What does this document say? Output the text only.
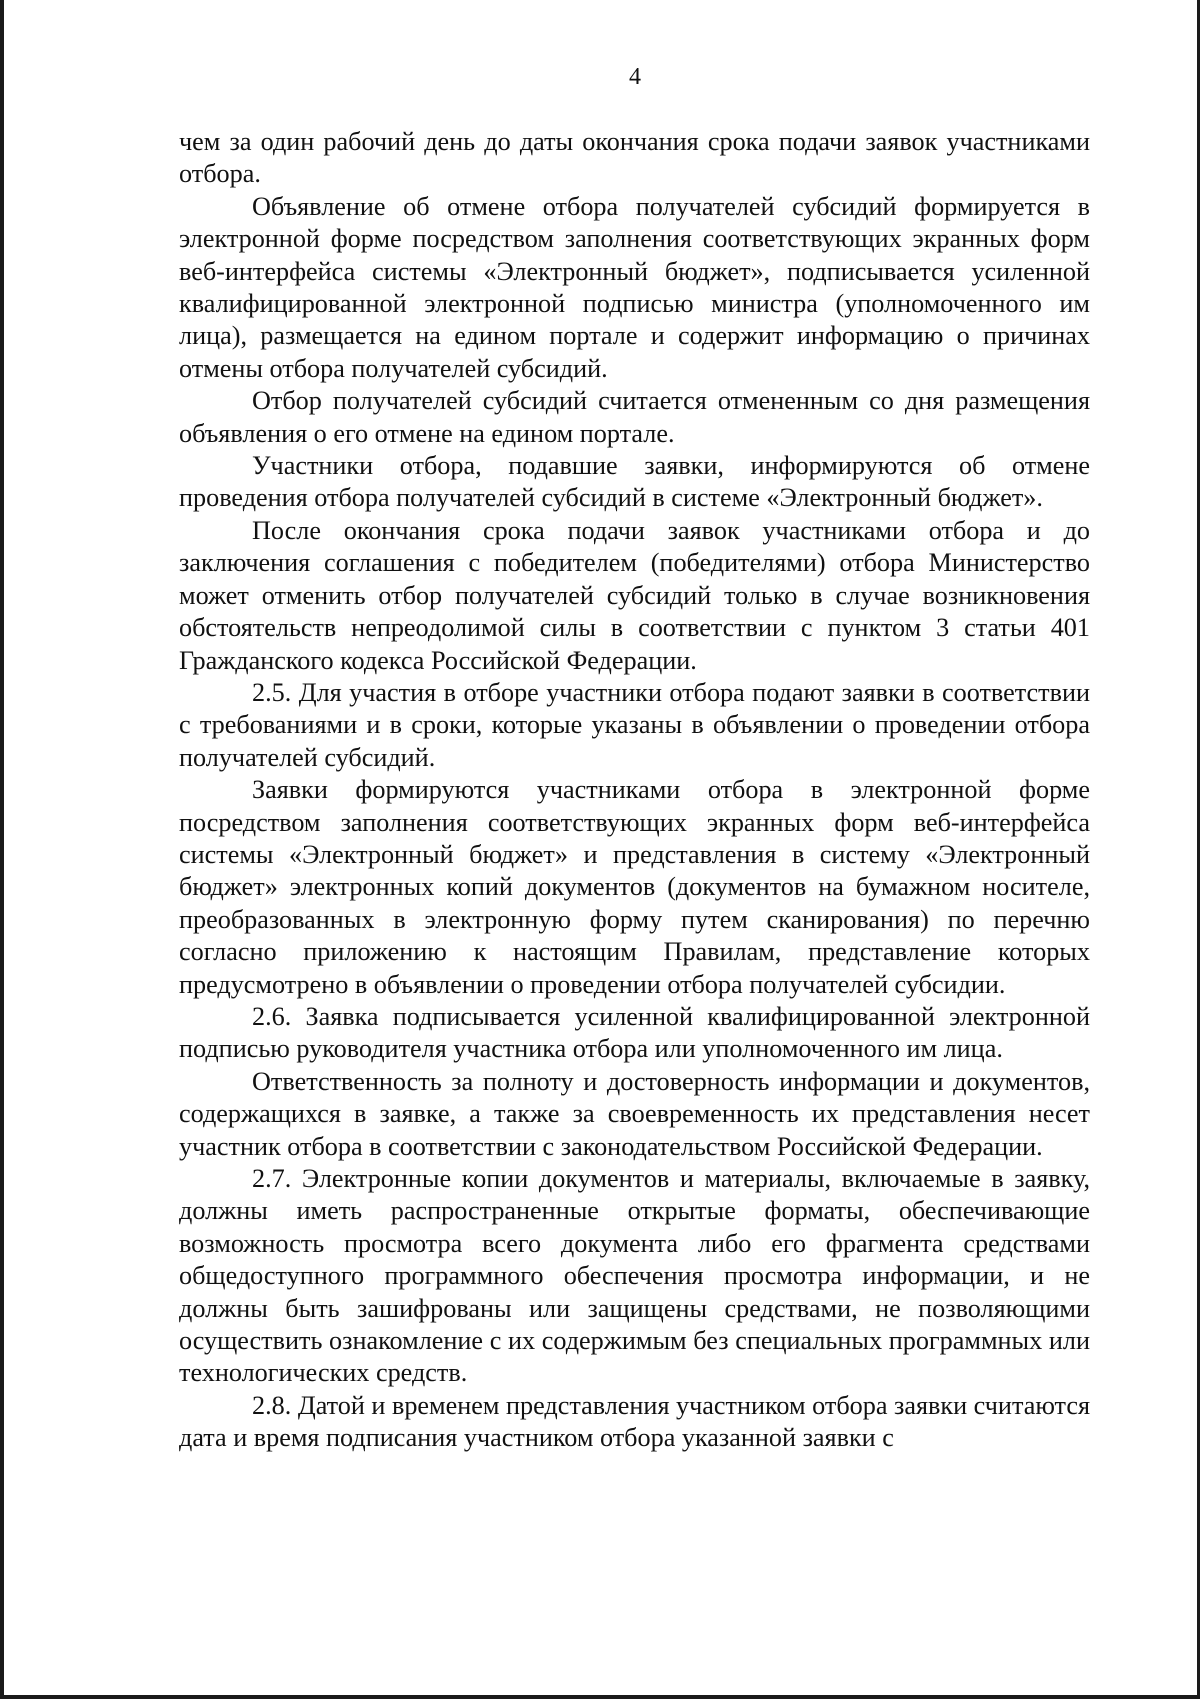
4

чем за один рабочий день до даты окончания срока подачи заявок участниками отбора.

Объявление об отмене отбора получателей субсидий формируется в электронной форме посредством заполнения соответствующих экранных форм веб-интерфейса системы «Электронный бюджет», подписывается усиленной квалифицированной электронной подписью министра (уполномоченного им лица), размещается на едином портале и содержит информацию о причинах отмены отбора получателей субсидий.

Отбор получателей субсидий считается отмененным со дня размещения объявления о его отмене на едином портале.

Участники отбора, подавшие заявки, информируются об отмене проведения отбора получателей субсидий в системе «Электронный бюджет».

После окончания срока подачи заявок участниками отбора и до заключения соглашения с победителем (победителями) отбора Министерство может отменить отбор получателей субсидий только в случае возникновения обстоятельств непреодолимой силы в соответствии с пунктом 3 статьи 401 Гражданского кодекса Российской Федерации.

2.5. Для участия в отборе участники отбора подают заявки в соответствии с требованиями и в сроки, которые указаны в объявлении о проведении отбора получателей субсидий.

Заявки формируются участниками отбора в электронной форме посредством заполнения соответствующих экранных форм веб-интерфейса системы «Электронный бюджет» и представления в систему «Электронный бюджет» электронных копий документов (документов на бумажном носителе, преобразованных в электронную форму путем сканирования) по перечню согласно приложению к настоящим Правилам, представление которых предусмотрено в объявлении о проведении отбора получателей субсидии.

2.6. Заявка подписывается усиленной квалифицированной электронной подписью руководителя участника отбора или уполномоченного им лица.

Ответственность за полноту и достоверность информации и документов, содержащихся в заявке, а также за своевременность их представления несет участник отбора в соответствии с законодательством Российской Федерации.

2.7. Электронные копии документов и материалы, включаемые в заявку, должны иметь распространенные открытые форматы, обеспечивающие возможность просмотра всего документа либо его фрагмента средствами общедоступного программного обеспечения просмотра информации, и не должны быть зашифрованы или защищены средствами, не позволяющими осуществить ознакомление с их содержимым без специальных программных или технологических средств.

2.8. Датой и временем представления участником отбора заявки считаются дата и время подписания участником отбора указанной заявки с
